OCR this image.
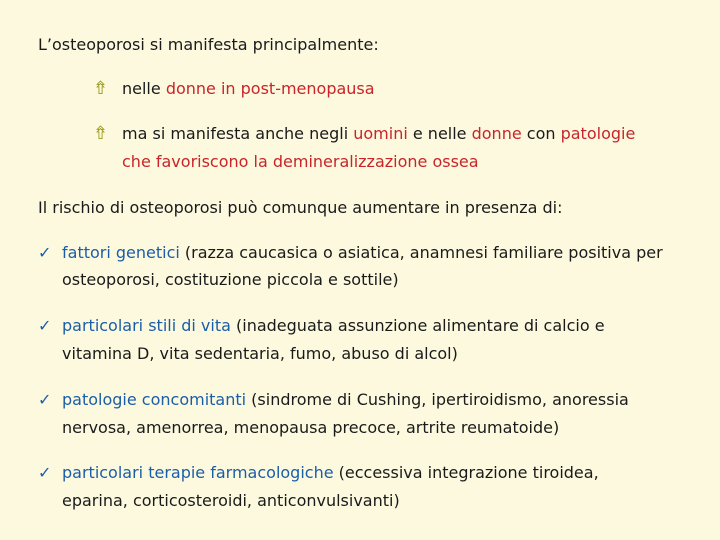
L’osteoporosi si manifesta principalmente:
⇮ nelle donne in post-menopausa
⇮ ma si manifesta anche negli uomini e nelle donne con patologie
che favoriscono la demineralizzazione ossea
Il rischio di osteoporosi può comunque aumentare in presenza di:
✓ fattori genetici (razza caucasica o asiatica, anamnesi familiare positiva per
osteoporosi, costituzione piccola e sottile)
✓ particolari stili di vita (inadeguata assunzione alimentare di calcio e
vitamina D, vita sedentaria, fumo, abuso di alcol)
✓ patologie concomitanti (sindrome di Cushing, ipertiroidismo, anoressia
nervosa, amenorrea, menopausa precoce, artrite reumatoide)
✓ particolari terapie farmacologiche (eccessiva integrazione tiroidea,
eparina, corticosteroidi, anticonvulsivanti)
